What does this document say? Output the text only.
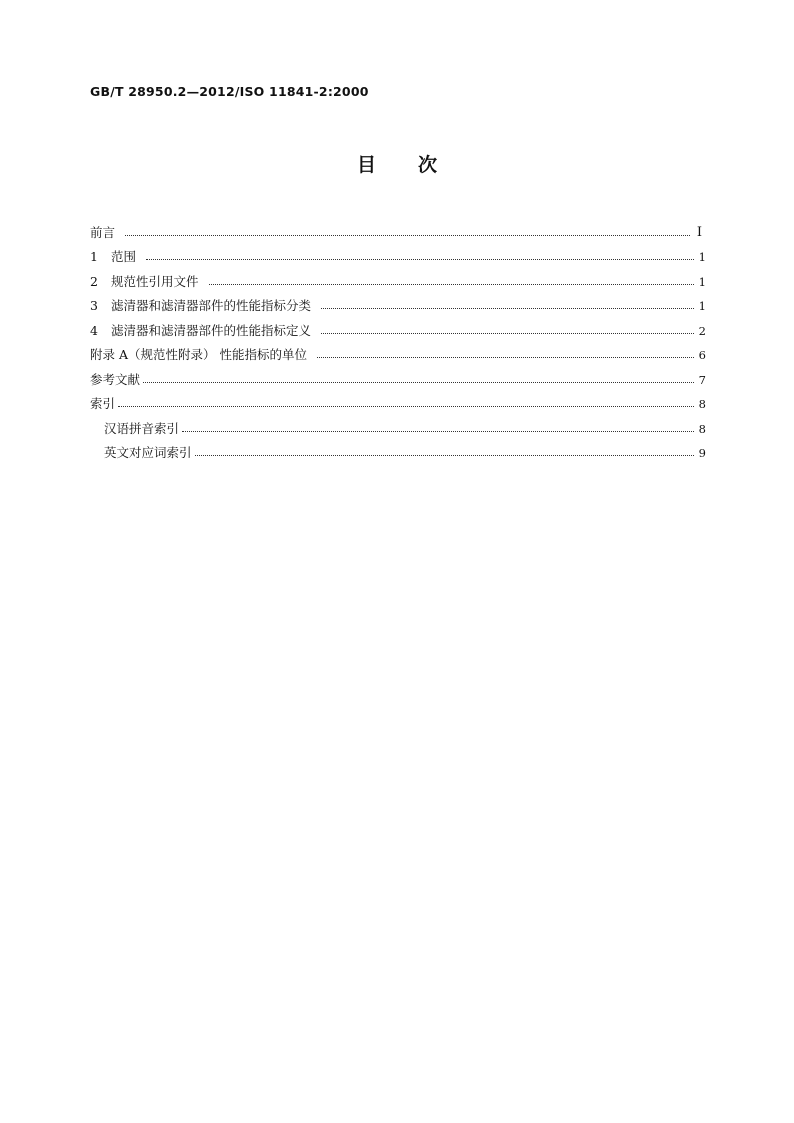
GB/T 28950.2—2012/ISO 11841-2:2000
目次
前言	I
1 范围	1
2 规范性引用文件	1
3 滤清器和滤清器部件的性能指标分类	1
4 滤清器和滤清器部件的性能指标定义	2
附录 A（规范性附录） 性能指标的单位	6
参考文献	7
索引	8
汉语拼音索引	8
英文对应词索引	9
